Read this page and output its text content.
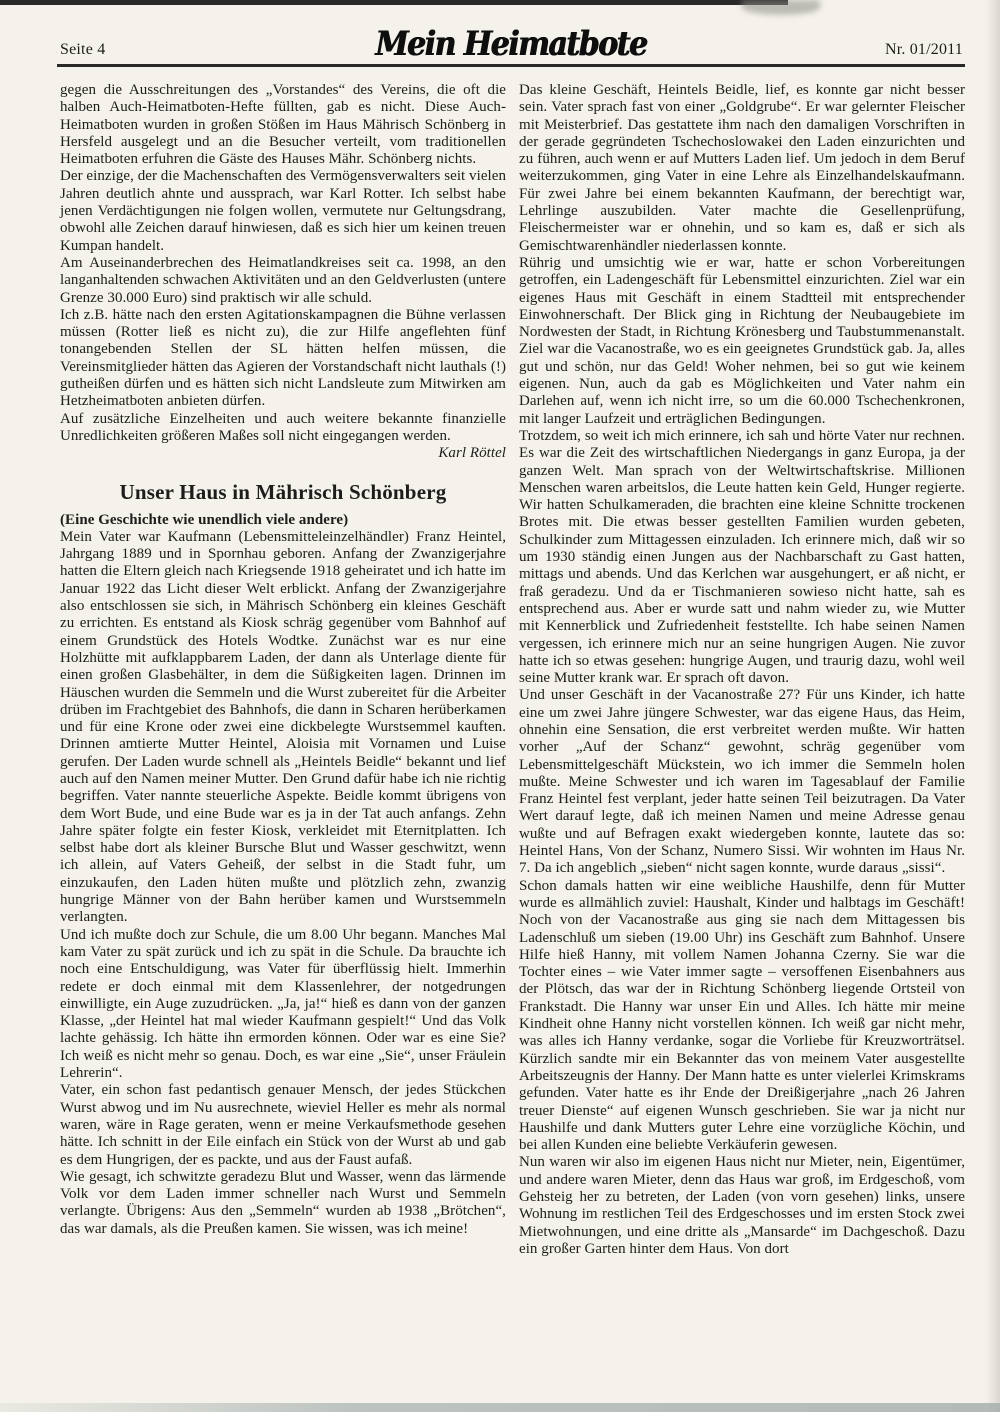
Seite 4	Mein Heimatbote	Nr. 01/2011

gegen die Ausschreitungen des „Vorstandes“ des Vereins, die oft die halben Auch-Heimatboten-Hefte füllten, gab es nicht. Diese Auch-Heimatboten wurden in großen Stößen im Haus Mährisch Schönberg in Hersfeld ausgelegt und an die Besucher verteilt, vom traditionellen Heimatboten erfuhren die Gäste des Hauses Mähr. Schönberg nichts.

Der einzige, der die Machenschaften des Vermögensverwalters seit vielen Jahren deutlich ahnte und aussprach, war Karl Rotter. Ich selbst habe jenen Verdächtigungen nie folgen wollen, vermutete nur Geltungsdrang, obwohl alle Zeichen darauf hinwiesen, daß es sich hier um keinen treuen Kumpan handelt.

Am Auseinanderbrechen des Heimatlandkreises seit ca. 1998, an den langanhaltenden schwachen Aktivitäten und an den Geldverlusten (untere Grenze 30.000 Euro) sind praktisch wir alle schuld.

Ich z.B. hätte nach den ersten Agitationskampagnen die Bühne verlassen müssen (Rotter ließ es nicht zu), die zur Hilfe angeflehten fünf tonangebenden Stellen der SL hätten helfen müssen, die Vereinsmitglieder hätten das Agieren der Vorstandschaft nicht lauthals (!) gutheißen dürfen und es hätten sich nicht Landsleute zum Mitwirken am Hetzheimatboten anbieten dürfen.

Auf zusätzliche Einzelheiten und auch weitere bekannte finanzielle Unredlichkeiten größeren Maßes soll nicht eingegangen werden.

Karl Röttel

Unser Haus in Mährisch Schönberg

(Eine Geschichte wie unendlich viele andere)

Mein Vater war Kaufmann (Lebensmitteleinzelhändler) Franz Heintel, Jahrgang 1889 und in Spornhau geboren. Anfang der Zwanzigerjahre hatten die Eltern gleich nach Kriegsende 1918 geheiratet und ich hatte im Januar 1922 das Licht dieser Welt erblickt. Anfang der Zwanzigerjahre also entschlossen sie sich, in Mährisch Schönberg ein kleines Geschäft zu errichten. Es entstand als Kiosk schräg gegenüber vom Bahnhof auf einem Grundstück des Hotels Wodtke. Zunächst war es nur eine Holzhütte mit aufklappbarem Laden, der dann als Unterlage diente für einen großen Glasbehälter, in dem die Süßigkeiten lagen. Drinnen im Häuschen wurden die Semmeln und die Wurst zubereitet für die Arbeiter drüben im Frachtgebiet des Bahnhofs, die dann in Scharen herüberkamen und für eine Krone oder zwei eine dickbelegte Wurstsemmel kauften. Drinnen amtierte Mutter Heintel, Aloisia mit Vornamen und Luise gerufen. Der Laden wurde schnell als „Heintels Beidle“ bekannt und lief auch auf den Namen meiner Mutter. Den Grund dafür habe ich nie richtig begriffen. Vater nannte steuerliche Aspekte. Beidle kommt übrigens von dem Wort Bude, und eine Bude war es ja in der Tat auch anfangs. Zehn Jahre später folgte ein fester Kiosk, verkleidet mit Eternitplatten. Ich selbst habe dort als kleiner Bursche Blut und Wasser geschwitzt, wenn ich allein, auf Vaters Geheiß, der selbst in die Stadt fuhr, um einzukaufen, den Laden hüten mußte und plötzlich zehn, zwanzig hungrige Männer von der Bahn herüber kamen und Wurstsemmeln verlangten.

Und ich mußte doch zur Schule, die um 8.00 Uhr begann. Manches Mal kam Vater zu spät zurück und ich zu spät in die Schule. Da brauchte ich noch eine Entschuldigung, was Vater für überflüssig hielt. Immerhin redete er doch einmal mit dem Klassenlehrer, der notgedrungen einwilligte, ein Auge zuzudrücken. „Ja, ja!“ hieß es dann von der ganzen Klasse, „der Heintel hat mal wieder Kaufmann gespielt!“ Und das Volk lachte gehässig. Ich hätte ihn ermorden können. Oder war es eine Sie? Ich weiß es nicht mehr so genau. Doch, es war eine „Sie“, unser Fräulein Lehrerin“.

Vater, ein schon fast pedantisch genauer Mensch, der jedes Stückchen Wurst abwog und im Nu ausrechnete, wieviel Heller es mehr als normal waren, wäre in Rage geraten, wenn er meine Verkaufsmethode gesehen hätte. Ich schnitt in der Eile einfach ein Stück von der Wurst ab und gab es dem Hungrigen, der es packte, und aus der Faust aufaß.

Wie gesagt, ich schwitzte geradezu Blut und Wasser, wenn das lärmende Volk vor dem Laden immer schneller nach Wurst und Semmeln verlangte. Übrigens: Aus den „Semmeln“ wurden ab 1938 „Brötchen“, das war damals, als die Preußen kamen. Sie wissen, was ich meine!

Das kleine Geschäft, Heintels Beidle, lief, es konnte gar nicht besser sein. Vater sprach fast von einer „Goldgrube“. Er war gelernter Fleischer mit Meisterbrief. Das gestattete ihm nach den damaligen Vorschriften in der gerade gegründeten Tschechoslowakei den Laden einzurichten und zu führen, auch wenn er auf Mutters Laden lief. Um jedoch in dem Beruf weiterzukommen, ging Vater in eine Lehre als Einzelhandelskaufmann. Für zwei Jahre bei einem bekannten Kaufmann, der berechtigt war, Lehrlinge auszubilden. Vater machte die Gesellenprüfung, Fleischermeister war er ohnehin, und so kam es, daß er sich als Gemischtwarenhändler niederlassen konnte.

Rührig und umsichtig wie er war, hatte er schon Vorbereitungen getroffen, ein Ladengeschäft für Lebensmittel einzurichten. Ziel war ein eigenes Haus mit Geschäft in einem Stadtteil mit entsprechender Einwohnerschaft. Der Blick ging in Richtung der Neubaugebiete im Nordwesten der Stadt, in Richtung Krönesberg und Taubstummenanstalt. Ziel war die Vacanostraße, wo es ein geeignetes Grundstück gab. Ja, alles gut und schön, nur das Geld! Woher nehmen, bei so gut wie keinem eigenen. Nun, auch da gab es Möglichkeiten und Vater nahm ein Darlehen auf, wenn ich nicht irre, so um die 60.000 Tschechenkronen, mit langer Laufzeit und erträglichen Bedingungen.

Trotzdem, so weit ich mich erinnere, ich sah und hörte Vater nur rechnen. Es war die Zeit des wirtschaftlichen Niedergangs in ganz Europa, ja der ganzen Welt. Man sprach von der Weltwirtschaftskrise. Millionen Menschen waren arbeitslos, die Leute hatten kein Geld, Hunger regierte. Wir hatten Schulkameraden, die brachten eine kleine Schnitte trockenen Brotes mit. Die etwas besser gestellten Familien wurden gebeten, Schulkinder zum Mittagessen einzuladen. Ich erinnere mich, daß wir so um 1930 ständig einen Jungen aus der Nachbarschaft zu Gast hatten, mittags und abends. Und das Kerlchen war ausgehungert, er aß nicht, er fraß geradezu. Und da er Tischmanieren sowieso nicht hatte, sah es entsprechend aus. Aber er wurde satt und nahm wieder zu, wie Mutter mit Kennerblick und Zufriedenheit feststellte. Ich habe seinen Namen vergessen, ich erinnere mich nur an seine hungrigen Augen. Nie zuvor hatte ich so etwas gesehen: hungrige Augen, und traurig dazu, wohl weil seine Mutter krank war. Er sprach oft davon.

Und unser Geschäft in der Vacanostraße 27? Für uns Kinder, ich hatte eine um zwei Jahre jüngere Schwester, war das eigene Haus, das Heim, ohnehin eine Sensation, die erst verbreitet werden mußte. Wir hatten vorher „Auf der Schanz“ gewohnt, schräg gegenüber vom Lebensmittelgeschäft Mückstein, wo ich immer die Semmeln holen mußte. Meine Schwester und ich waren im Tagesablauf der Familie Franz Heintel fest verplant, jeder hatte seinen Teil beizutragen. Da Vater Wert darauf legte, daß ich meinen Namen und meine Adresse genau wußte und auf Befragen exakt wiedergeben konnte, lautete das so: Heintel Hans, Von der Schanz, Numero Sissi. Wir wohnten im Haus Nr. 7. Da ich angeblich „sieben“ nicht sagen konnte, wurde daraus „sissi“.

Schon damals hatten wir eine weibliche Haushilfe, denn für Mutter wurde es allmählich zuviel: Haushalt, Kinder und halbtags im Geschäft! Noch von der Vacanostraße aus ging sie nach dem Mittagessen bis Ladenschluß um sieben (19.00 Uhr) ins Geschäft zum Bahnhof. Unsere Hilfe hieß Hanny, mit vollem Namen Johanna Czerny. Sie war die Tochter eines – wie Vater immer sagte – versoffenen Eisenbahners aus der Plötsch, das war der in Richtung Schönberg liegende Ortsteil von Frankstadt. Die Hanny war unser Ein und Alles. Ich hätte mir meine Kindheit ohne Hanny nicht vorstellen können. Ich weiß gar nicht mehr, was alles ich Hanny verdanke, sogar die Vorliebe für Kreuzworträtsel. Kürzlich sandte mir ein Bekannter das von meinem Vater ausgestellte Arbeitszeugnis der Hanny. Der Mann hatte es unter vielerlei Krimskrams gefunden. Vater hatte es ihr Ende der Dreißigerjahre „nach 26 Jahren treuer Dienste“ auf eigenen Wunsch geschrieben. Sie war ja nicht nur Haushilfe und dank Mutters guter Lehre eine vorzügliche Köchin, und bei allen Kunden eine beliebte Verkäuferin gewesen.

Nun waren wir also im eigenen Haus nicht nur Mieter, nein, Eigentümer, und andere waren Mieter, denn das Haus war groß, im Erdgeschoß, vom Gehsteig her zu betreten, der Laden (von vorn gesehen) links, unsere Wohnung im restlichen Teil des Erdgeschosses und im ersten Stock zwei Mietwohnungen, und eine dritte als „Mansarde“ im Dachgeschoß. Dazu ein großer Garten hinter dem Haus. Von dort
